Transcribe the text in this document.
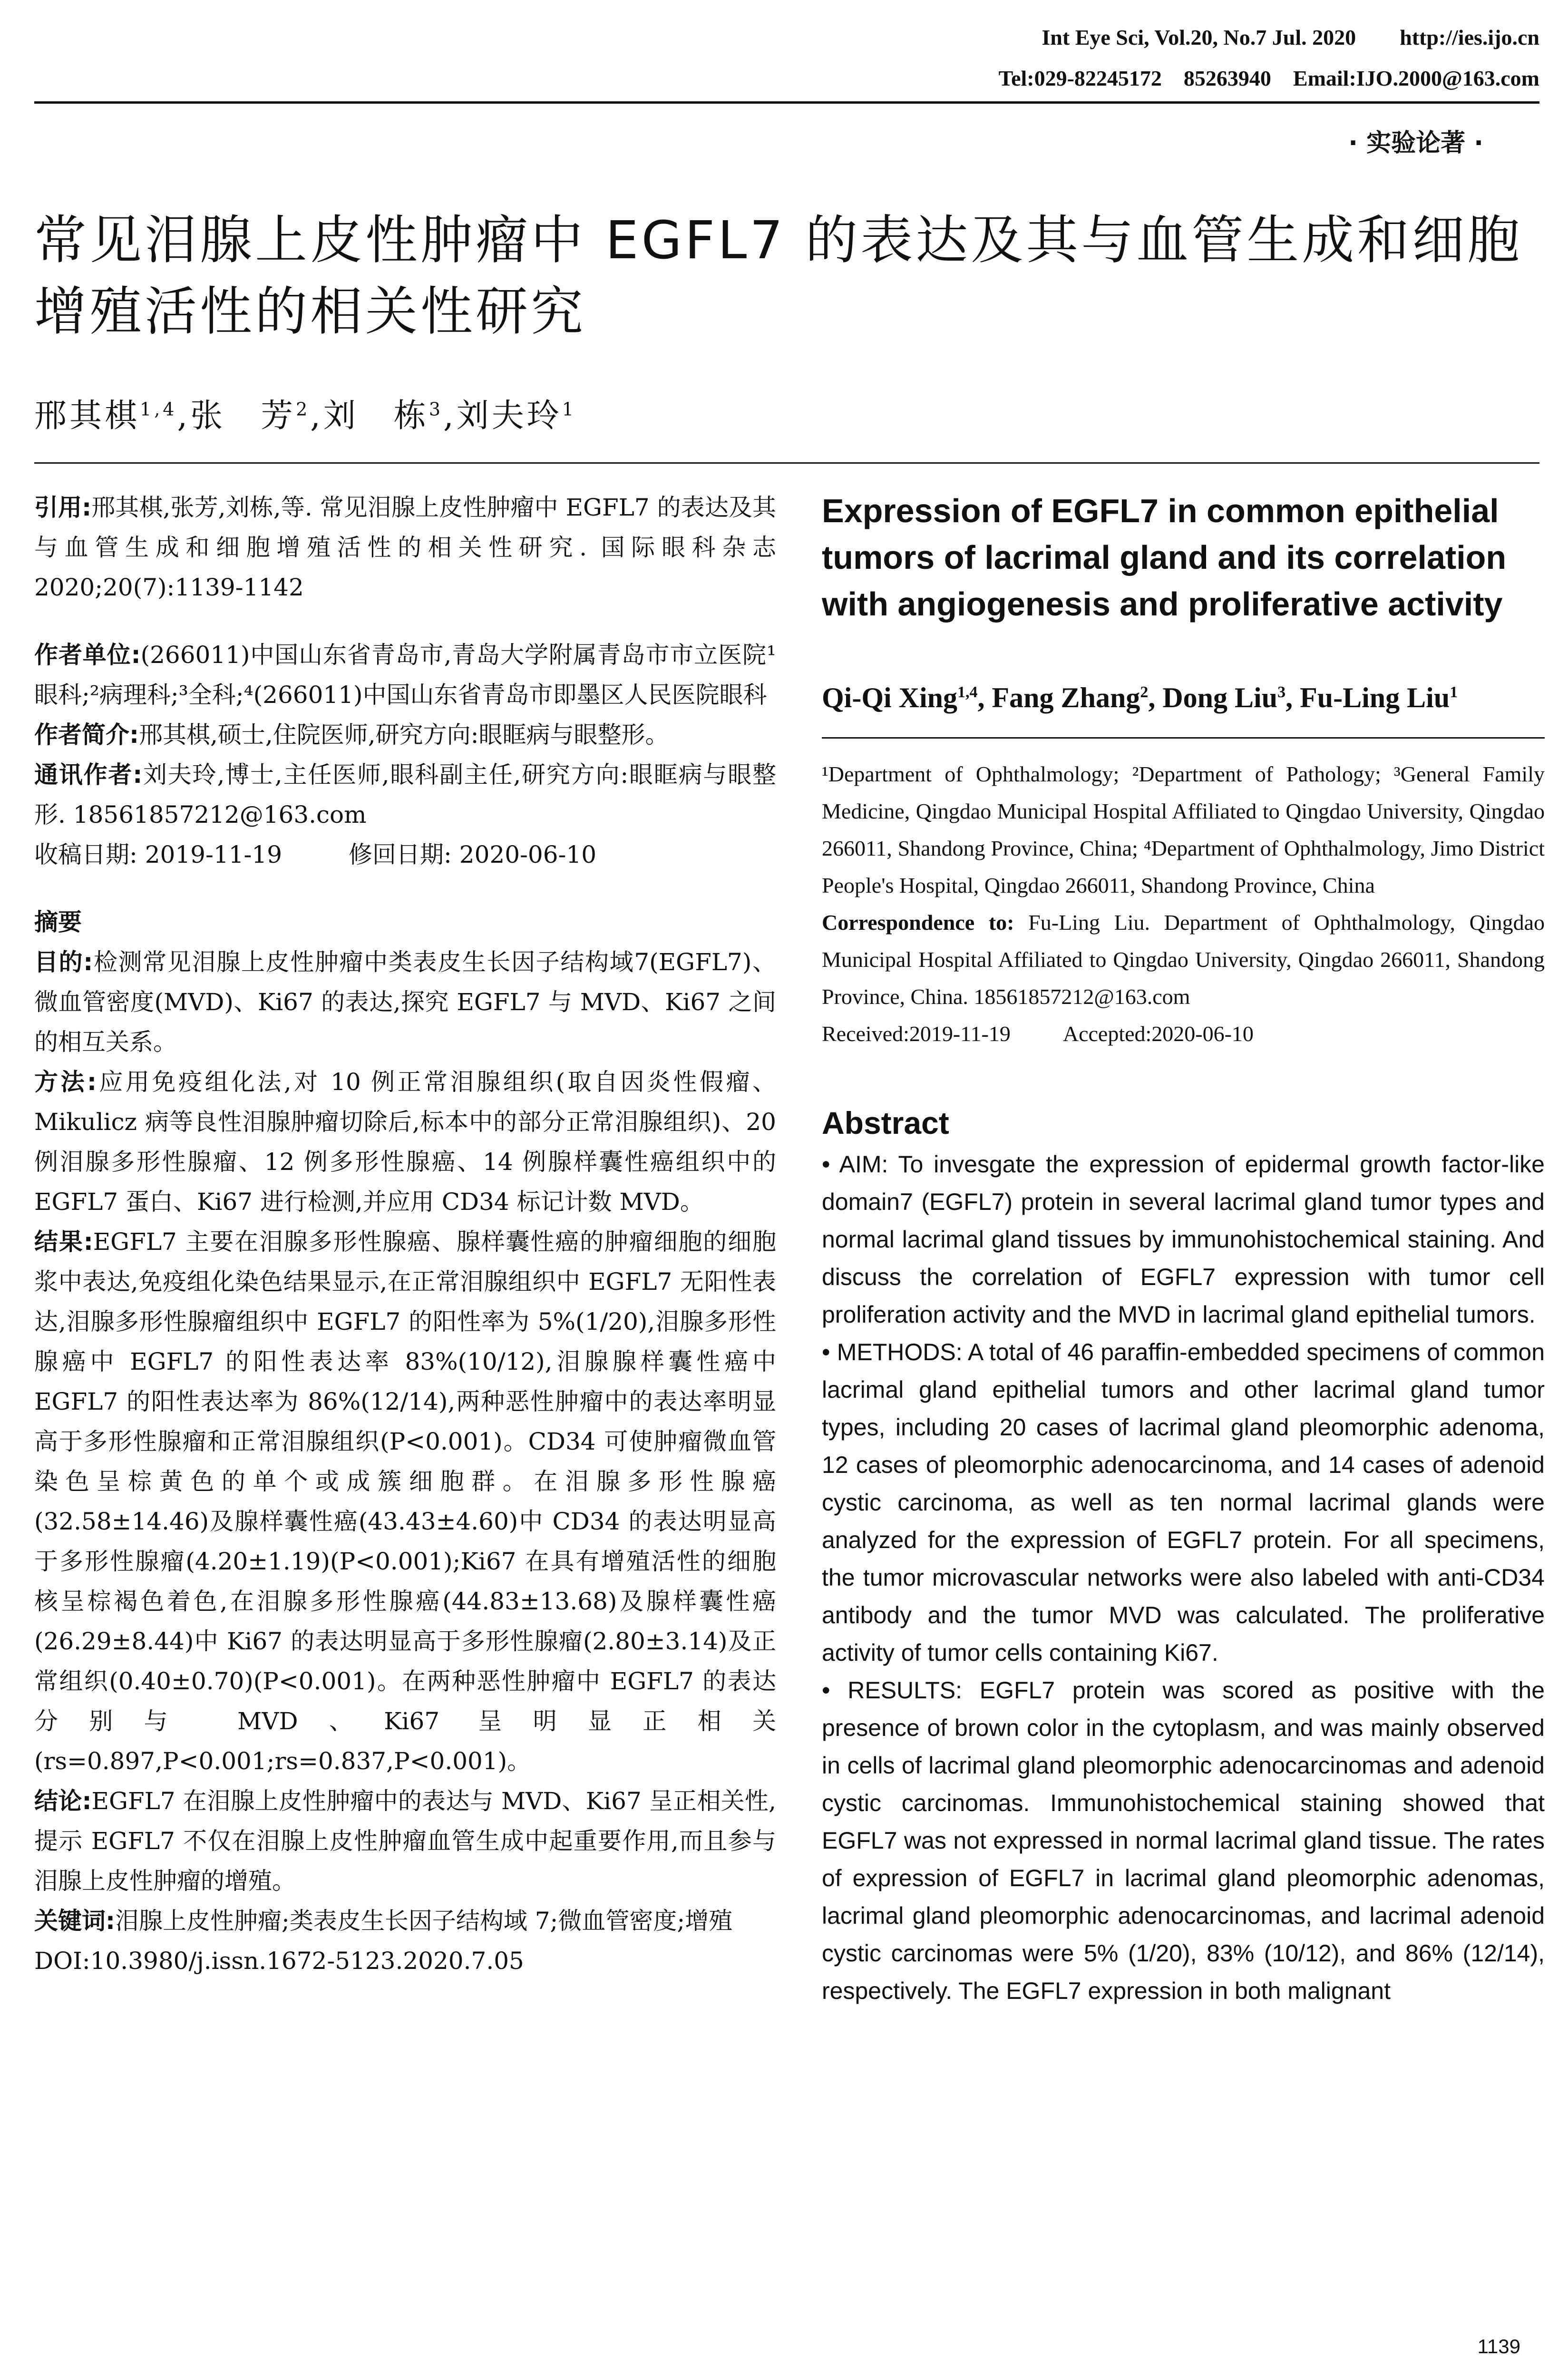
Int Eye Sci, Vol.20, No.7 Jul. 2020        http://ies.ijo.cn
Tel:029-82245172    85263940    Email:IJO.2000@163.com
· 实验论著 ·
常见泪腺上皮性肿瘤中 EGFL7 的表达及其与血管生成和细胞增殖活性的相关性研究
邢其棋$^{1,4}$,张　芳$^2$,刘　栋$^3$,刘夫玲$^1$

引用:邢其棋,张芳,刘栋,等. 常见泪腺上皮性肿瘤中 EGFL7 的表达及其与血管生成和细胞增殖活性的相关性研究. 国际眼科杂志 2020;20(7):1139-1142

作者单位:(266011)中国山东省青岛市,青岛大学附属青岛市市立医院¹眼科;²病理科;³全科;⁴(266011)中国山东省青岛市即墨区人民医院眼科

作者简介:邢其棋,硕士,住院医师,研究方向:眼眶病与眼整形。

通讯作者:刘夫玲,博士,主任医师,眼科副主任,研究方向:眼眶病与眼整形. 18561857212@163.com

收稿日期: 2019-11-19	修回日期: 2020-06-10

摘要

目的:检测常见泪腺上皮性肿瘤中类表皮生长因子结构域7(EGFL7)、微血管密度(MVD)、Ki67 的表达,探究 EGFL7 与 MVD、Ki67 之间的相互关系。

方法:应用免疫组化法,对 10 例正常泪腺组织(取自因炎性假瘤、Mikulicz 病等良性泪腺肿瘤切除后,标本中的部分正常泪腺组织)、20 例泪腺多形性腺瘤、12 例多形性腺癌、14 例腺样囊性癌组织中的 EGFL7 蛋白、Ki67 进行检测,并应用 CD34 标记计数 MVD。

结果:EGFL7 主要在泪腺多形性腺癌、腺样囊性癌的肿瘤细胞的细胞浆中表达,免疫组化染色结果显示,在正常泪腺组织中 EGFL7 无阳性表达,泪腺多形性腺瘤组织中 EGFL7 的阳性率为 5%(1/20),泪腺多形性腺癌中 EGFL7 的阳性表达率 83%(10/12),泪腺腺样囊性癌中 EGFL7 的阳性表达率为 86%(12/14),两种恶性肿瘤中的表达率明显高于多形性腺瘤和正常泪腺组织(P<0.001)。CD34 可使肿瘤微血管染色呈棕黄色的单个或成簇细胞群。在泪腺多形性腺癌(32.58±14.46)及腺样囊性癌(43.43±4.60)中 CD34 的表达明显高于多形性腺瘤(4.20±1.19)(P<0.001);Ki67 在具有增殖活性的细胞核呈棕褐色着色,在泪腺多形性腺癌(44.83±13.68)及腺样囊性癌(26.29±8.44)中 Ki67 的表达明显高于多形性腺瘤(2.80±3.14)及正常组织(0.40±0.70)(P<0.001)。在两种恶性肿瘤中 EGFL7 的表达分别与 MVD、Ki67 呈明显正相关(rs=0.897,P<0.001;rs=0.837,P<0.001)。

结论:EGFL7 在泪腺上皮性肿瘤中的表达与 MVD、Ki67 呈正相关性,提示 EGFL7 不仅在泪腺上皮性肿瘤血管生成中起重要作用,而且参与泪腺上皮性肿瘤的增殖。

关键词:泪腺上皮性肿瘤;类表皮生长因子结构域 7;微血管密度;增殖

DOI:10.3980/j.issn.1672-5123.2020.7.05

Expression of EGFL7 in common epithelial tumors of lacrimal gland and its correlation with angiogenesis and proliferative activity

Qi-Qi Xing$^{1,4}$, Fang Zhang$^2$, Dong Liu$^3$, Fu-Ling Liu$^1$

¹Department of Ophthalmology; ²Department of Pathology; ³General Family Medicine, Qingdao Municipal Hospital Affiliated to Qingdao University, Qingdao 266011, Shandong Province, China; ⁴Department of Ophthalmology, Jimo District People's Hospital, Qingdao 266011, Shandong Province, China

Correspondence to: Fu-Ling Liu. Department of Ophthalmology, Qingdao Municipal Hospital Affiliated to Qingdao University, Qingdao 266011, Shandong Province, China. 18561857212@163.com

Received:2019-11-19 Accepted:2020-06-10

Abstract

• AIM: To invesgate the expression of epidermal growth factor-like domain7 (EGFL7) protein in several lacrimal gland tumor types and normal lacrimal gland tissues by immunohistochemical staining. And discuss the correlation of EGFL7 expression with tumor cell proliferation activity and the MVD in lacrimal gland epithelial tumors.

• METHODS: A total of 46 paraffin-embedded specimens of common lacrimal gland epithelial tumors and other lacrimal gland tumor types, including 20 cases of lacrimal gland pleomorphic adenoma, 12 cases of pleomorphic adenocarcinoma, and 14 cases of adenoid cystic carcinoma, as well as ten normal lacrimal glands were analyzed for the expression of EGFL7 protein. For all specimens, the tumor microvascular networks were also labeled with anti-CD34 antibody and the tumor MVD was calculated. The proliferative activity of tumor cells containing Ki67.

• RESULTS: EGFL7 protein was scored as positive with the presence of brown color in the cytoplasm, and was mainly observed in cells of lacrimal gland pleomorphic adenocarcinomas and adenoid cystic carcinomas. Immunohistochemical staining showed that EGFL7 was not expressed in normal lacrimal gland tissue. The rates of expression of EGFL7 in lacrimal gland pleomorphic adenomas, lacrimal gland pleomorphic adenocarcinomas, and lacrimal adenoid cystic carcinomas were 5% (1/20), 83% (10/12), and 86% (12/14), respectively. The EGFL7 expression in both malignant

1139
